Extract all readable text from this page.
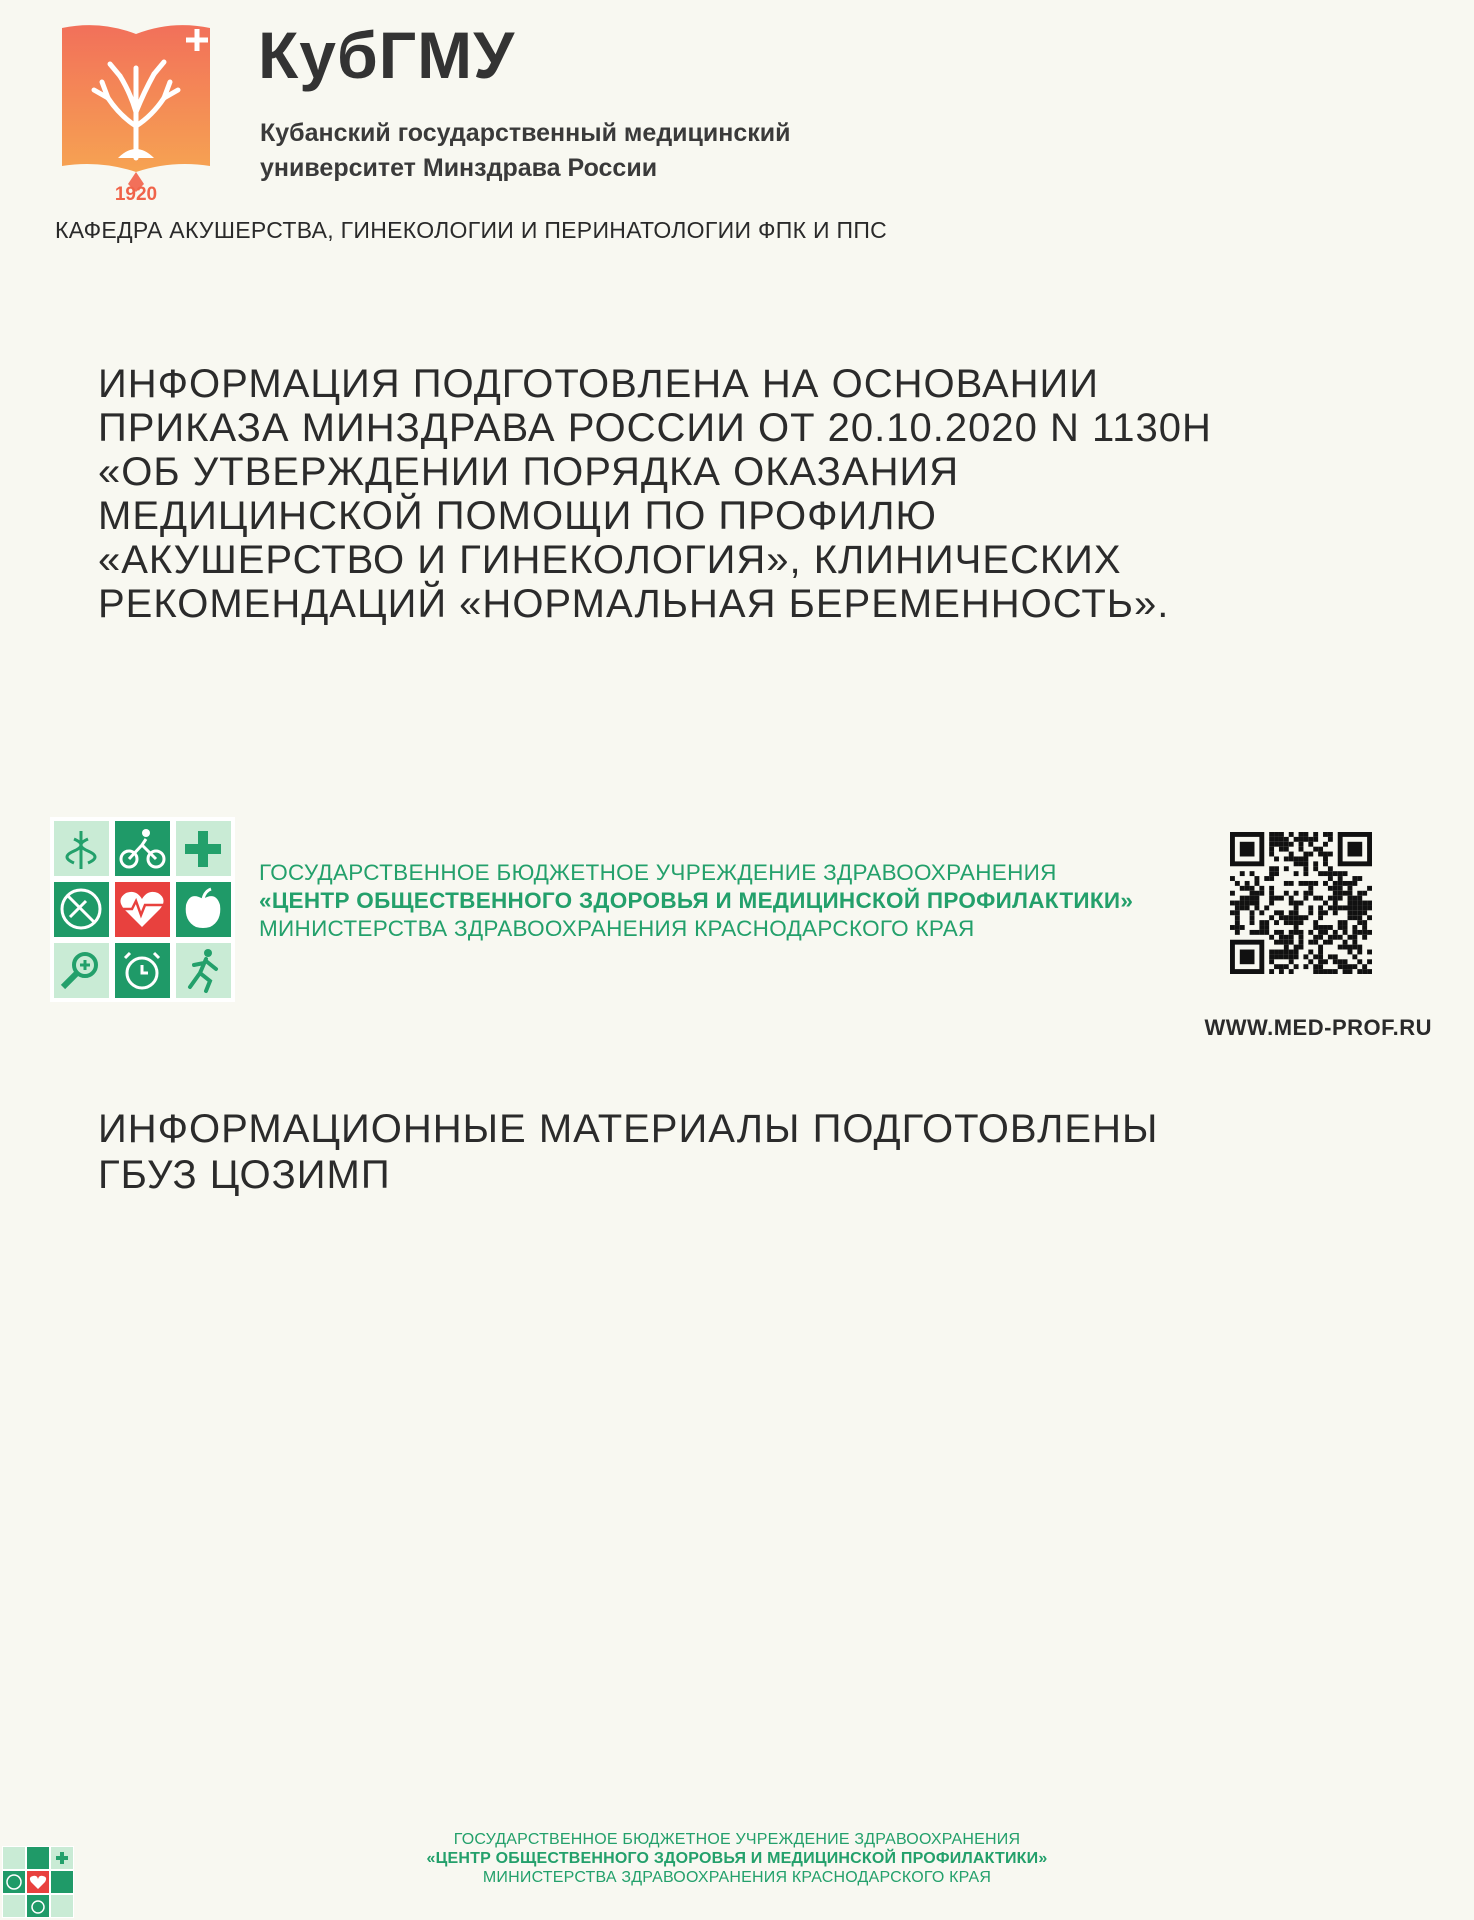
1920
КубГМУ
Кубанский государственный медицинский
университет Минздрава России
КАФЕДРА АКУШЕРСТВА, ГИНЕКОЛОГИИ И ПЕРИНАТОЛОГИИ ФПК И ППС
ИНФОРМАЦИЯ ПОДГОТОВЛЕНА НА ОСНОВАНИИ
ПРИКАЗА МИНЗДРАВА РОССИИ ОТ 20.10.2020 N 1130Н
«ОБ УТВЕРЖДЕНИИ ПОРЯДКА ОКАЗАНИЯ
МЕДИЦИНСКОЙ ПОМОЩИ ПО ПРОФИЛЮ
«АКУШЕРСТВО И ГИНЕКОЛОГИЯ», КЛИНИЧЕСКИХ
РЕКОМЕНДАЦИЙ «НОРМАЛЬНАЯ БЕРЕМЕННОСТЬ».
ГОСУДАРСТВЕННОЕ БЮДЖЕТНОЕ УЧРЕЖДЕНИЕ ЗДРАВООХРАНЕНИЯ
«ЦЕНТР ОБЩЕСТВЕННОГО ЗДОРОВЬЯ И МЕДИЦИНСКОЙ ПРОФИЛАКТИКИ»
МИНИСТЕРСТВА ЗДРАВООХРАНЕНИЯ КРАСНОДАРСКОГО КРАЯ
WWW.MED-PROF.RU
ИНФОРМАЦИОННЫЕ МАТЕРИАЛЫ ПОДГОТОВЛЕНЫ
ГБУЗ ЦОЗИМП
ГОСУДАРСТВЕННОЕ БЮДЖЕТНОЕ УЧРЕЖДЕНИЕ ЗДРАВООХРАНЕНИЯ
«ЦЕНТР ОБЩЕСТВЕННОГО ЗДОРОВЬЯ И МЕДИЦИНСКОЙ ПРОФИЛАКТИКИ»
МИНИСТЕРСТВА ЗДРАВООХРАНЕНИЯ КРАСНОДАРСКОГО КРАЯ
